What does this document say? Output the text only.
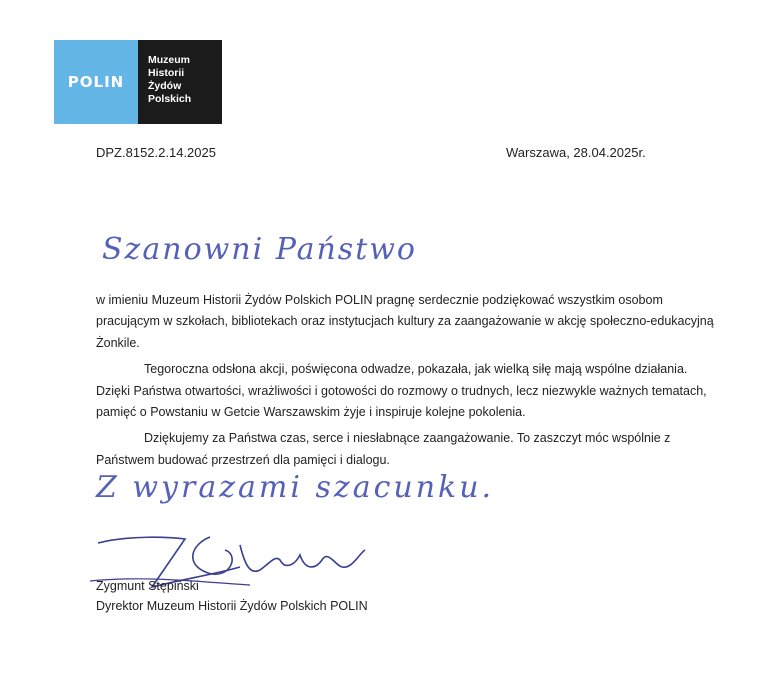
POLIN
Muzeum
Historii
Żydów
Polskich
DPZ.8152.2.14.2025	Warszawa, 28.04.2025r.
Szanowni Państwo

w imieniu Muzeum Historii Żydów Polskich POLIN pragnę serdecznie podziękować wszystkim osobom pracującym w szkołach, bibliotekach oraz instytucjach kultury za zaangażowanie w akcję społeczno-edukacyjną Żonkile.

Tegoroczna odsłona akcji, poświęcona odwadze, pokazała, jak wielką siłę mają wspólne działania. Dzięki Państwa otwartości, wrażliwości i gotowości do rozmowy o trudnych, lecz niezwykle ważnych tematach, pamięć o Powstaniu w Getcie Warszawskim żyje i inspiruje kolejne pokolenia.

Dziękujemy za Państwa czas, serce i niesłabnące zaangażowanie. To zaszczyt móc wspólnie z Państwem budować przestrzeń dla pamięci i dialogu.

Z wyrazami szacunku.
Zygmunt Stępiński
Dyrektor Muzeum Historii Żydów Polskich POLIN
